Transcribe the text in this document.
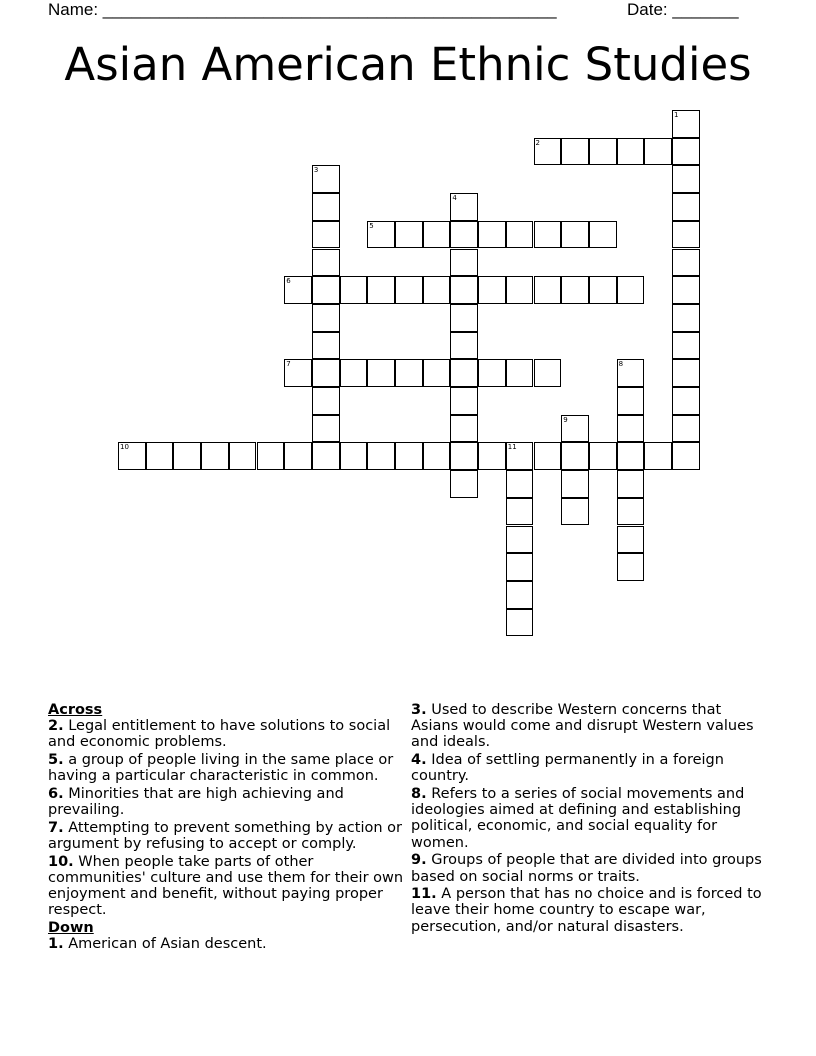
Name: ________________________________________________	Date: _______
Asian American Ethnic Studies
1
2
3
4
5
6
7	8
9
10	11

Across

2. Legal entitlement to have solutions to social and economic problems.

5. a group of people living in the same place or having a particular characteristic in common.

6. Minorities that are high achieving and prevailing.

7. Attempting to prevent something by action or argument by refusing to accept or comply.

10. When people take parts of other communities' culture and use them for their own enjoyment and benefit, without paying proper respect.

Down

1. American of Asian descent.

3. Used to describe Western concerns that Asians would come and disrupt Western values and ideals.

4. Idea of settling permanently in a foreign country.

8. Refers to a series of social movements and ideologies aimed at defining and establishing political, economic, and social equality for women.

9. Groups of people that are divided into groups based on social norms or traits.

11. A person that has no choice and is forced to leave their home country to escape war, persecution, and/or natural disasters.
